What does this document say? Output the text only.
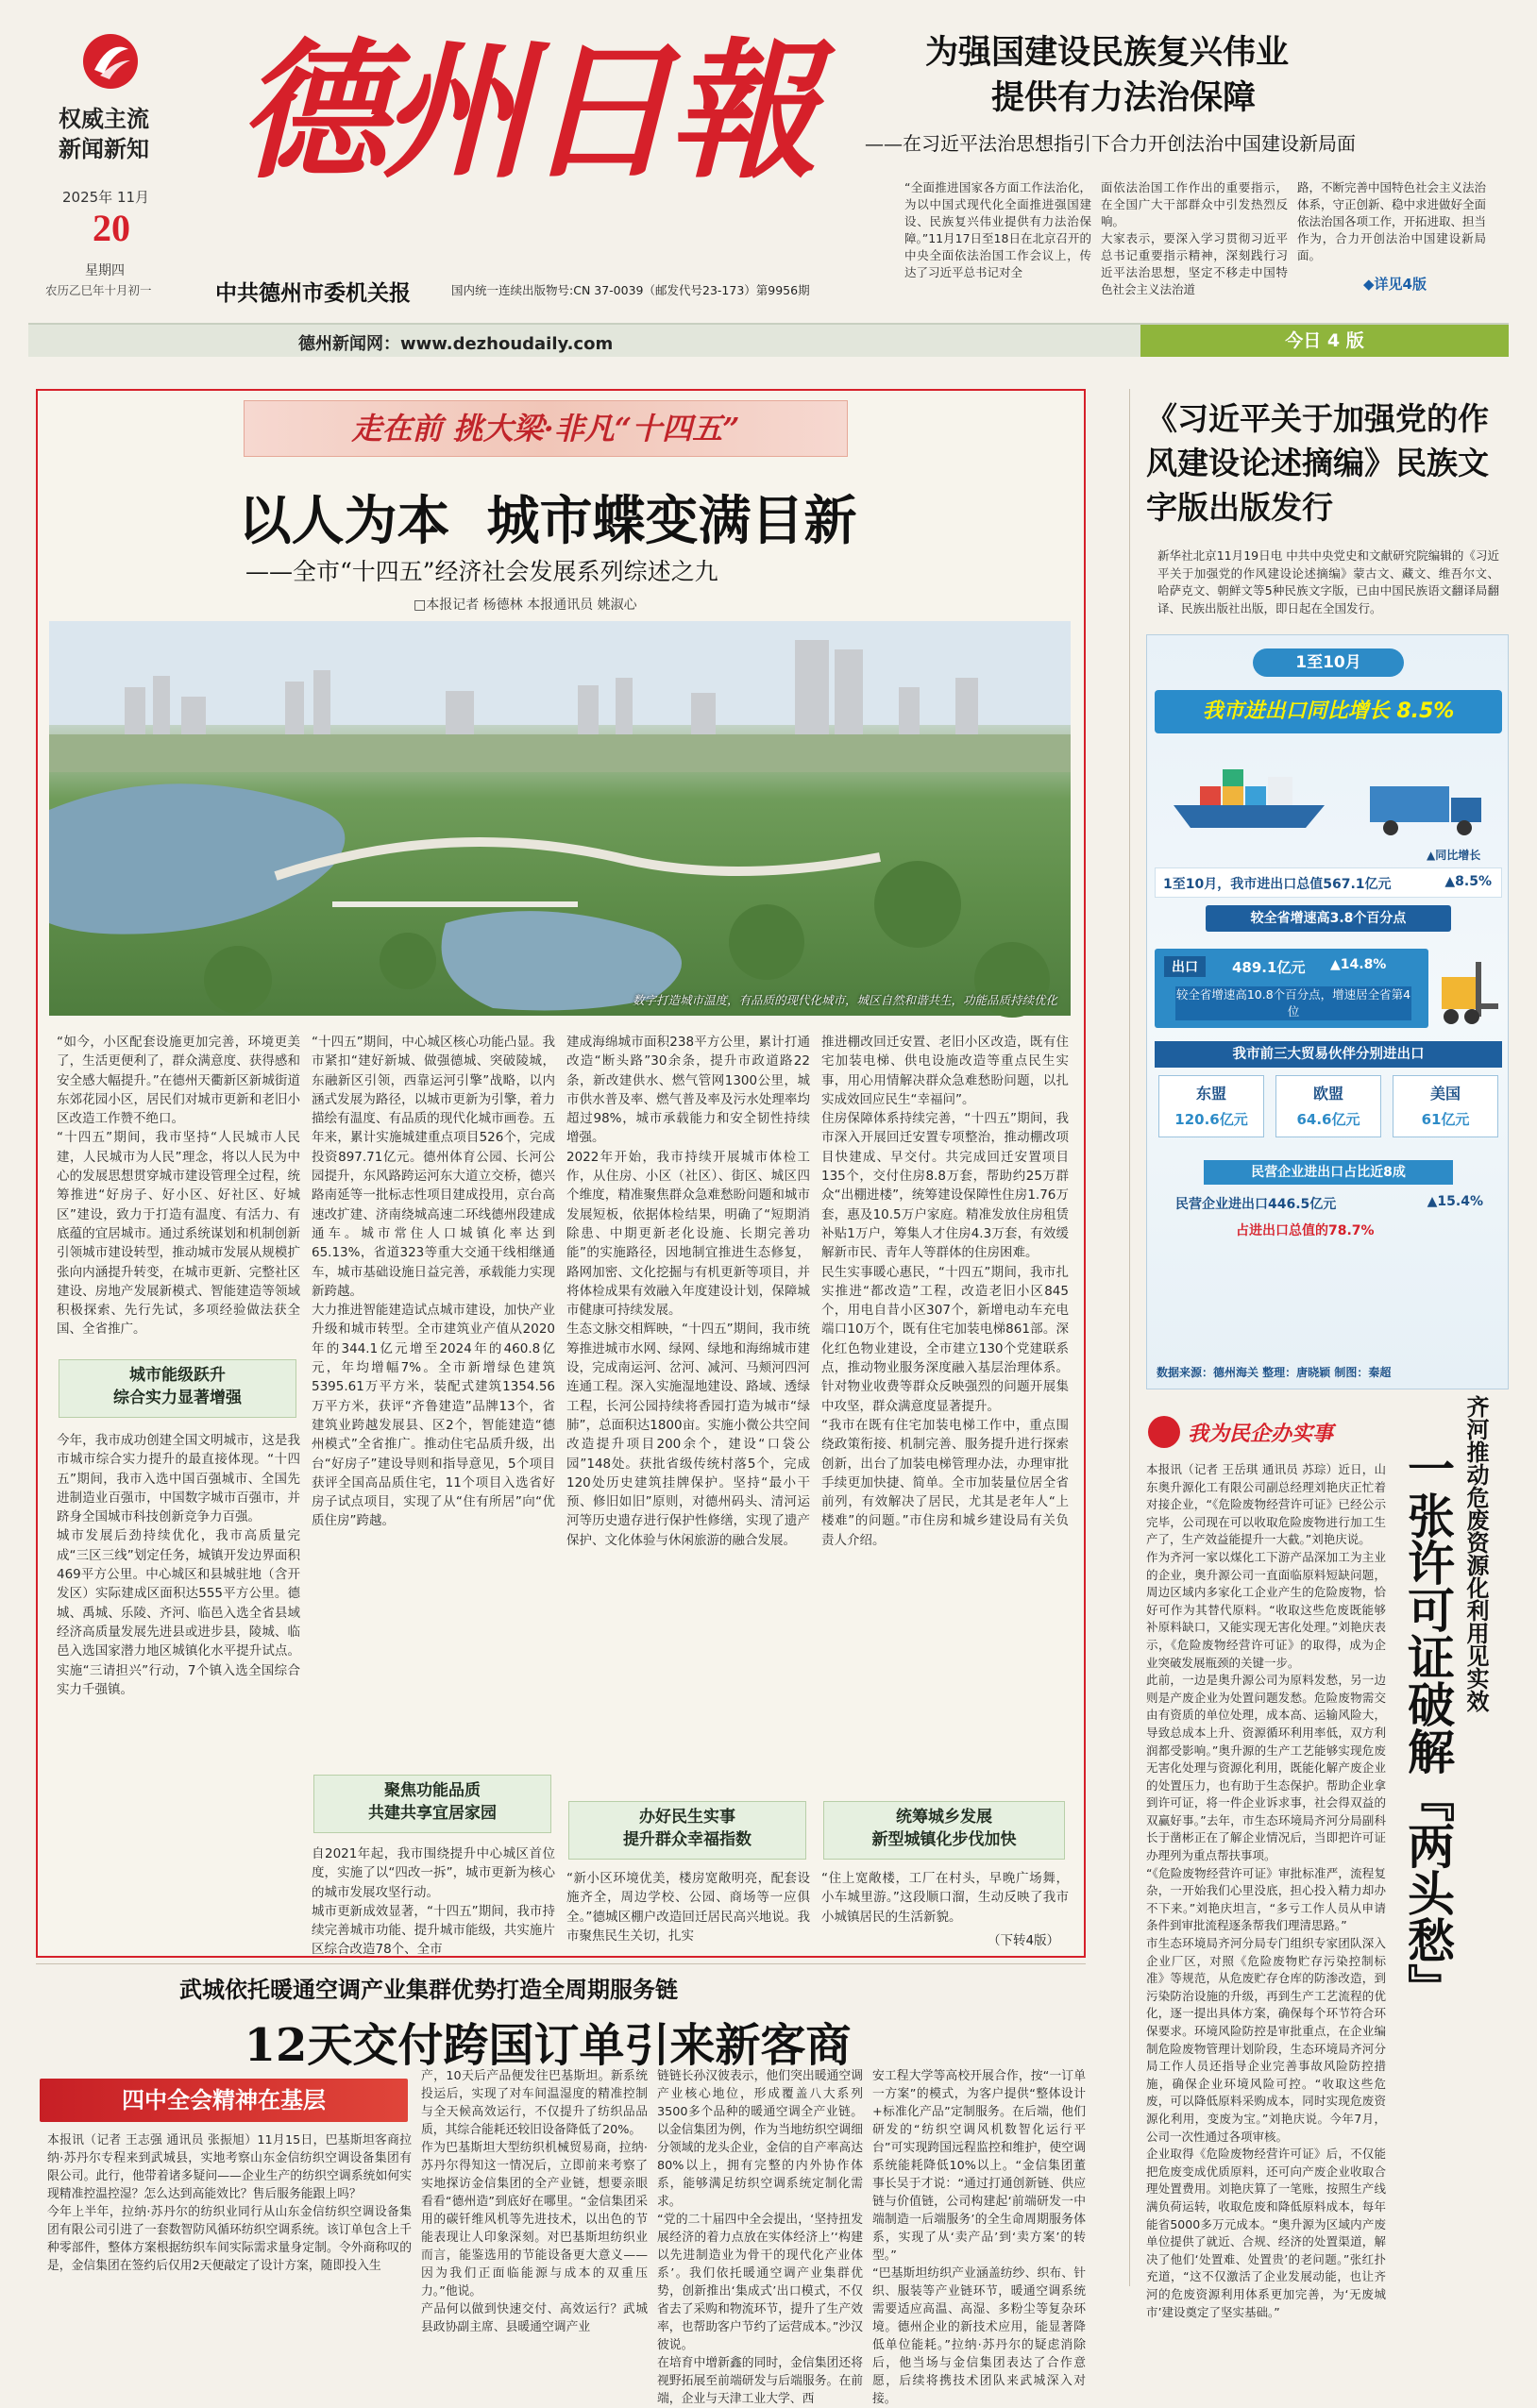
权威主流
新闻新知
2025年 11月
20
星期四
农历乙巳年十月初一
德州日報
中共德州市委机关报	国内统一连续出版物号:CN 37-0039（邮发代号23-173）第9956期
为强国建设民族复兴伟业
提供有力法治保障
——在习近平法治思想指引下合力开创法治中国建设新局面
“全面推进国家各方面工作法治化，为以中国式现代化全面推进强国建设、民族复兴伟业提供有力法治保障。”11月17日至18日在北京召开的中央全面依法治国工作会议上，传达了习近平总书记对全
面依法治国工作作出的重要指示，在全国广大干部群众中引发热烈反响。
大家表示，要深入学习贯彻习近平总书记重要指示精神，深刻践行习近平法治思想，坚定不移走中国特色社会主义法治道
路，不断完善中国特色社会主义法治体系，守正创新、稳中求进做好全面依法治国各项工作，开拓进取、担当作为，合力开创法治中国建设新局面。
◆详见4版
德州新闻网：www.dezhoudaily.com	今日 4 版
走在前 挑大梁·非凡“十四五”
以人为本  城市蝶变满目新
——全市“十四五”经济社会发展系列综述之九
□本报记者 杨德林 本报通讯员 姚淑心
数字打造城市温度，有品质的现代化城市，城区自然和谐共生，功能品质持续优化
“如今，小区配套设施更加完善，环境更美了，生活更便利了，群众满意度、获得感和安全感大幅提升。”在德州天衢新区新城街道东郊花园小区，居民们对城市更新和老旧小区改造工作赞不绝口。
“十四五”期间，我市坚持“人民城市人民建，人民城市为人民”理念，将以人民为中心的发展思想贯穿城市建设管理全过程，统筹推进“好房子、好小区、好社区、好城区”建设，致力于打造有温度、有活力、有底蕴的宜居城市。通过系统谋划和机制创新引领城市建设转型，推动城市发展从规模扩张向内涵提升转变，在城市更新、完整社区建设、房地产发展新模式、智能建造等领域积极探索、先行先试，多项经验做法获全国、全省推广。
城市能级跃升
综合实力显著增强
今年，我市成功创建全国文明城市，这是我市城市综合实力提升的最直接体现。“十四五”期间，我市入选中国百强城市、全国先进制造业百强市，中国数字城市百强市，并跻身全国城市科技创新竞争力百强。
城市发展后劲持续优化，我市高质量完成“三区三线”划定任务，城镇开发边界面积469平方公里。中心城区和县城驻地（含开发区）实际建成区面积达555平方公里。德城、禹城、乐陵、齐河、临邑入选全省县域经济高质量发展先进县或进步县，陵城、临邑入选国家潜力地区城镇化水平提升试点。实施“三请担兴”行动，7个镇入选全国综合实力千强镇。
“十四五”期间，中心城区核心功能凸显。我市紧扣“建好新城、做强德城、突破陵城，东融新区引领，西靠运河引擎”战略，以内涵式发展为路径，以城市更新为引擎，着力描绘有温度、有品质的现代化城市画卷。五年来，累计实施城建重点项目526个，完成投资897.71亿元。德州体育公园、长河公园提升，东风路跨运河东大道立交桥，德兴路南延等一批标志性项目建成投用，京台高速改扩建、济南绕城高速二环线德州段建成通车。城市常住人口城镇化率达到65.13%，省道323等重大交通干线相继通车，城市基础设施日益完善，承载能力实现新跨越。
大力推进智能建造试点城市建设，加快产业升级和城市转型。全市建筑业产值从2020年的344.1亿元增至2024年的460.8亿元，年均增幅7%。全市新增绿色建筑5395.61万平方米，装配式建筑1354.56万平方米，获评“齐鲁建造”品牌13个，省建筑业跨越发展县、区2个，智能建造“德州模式”全省推广。推动住宅品质升级，出台“好房子”建设导则和指导意见，5个项目获评全国高品质住宅，11个项目入选省好房子试点项目，实现了从“住有所居”向“优质住房”跨越。
聚焦功能品质
共建共享宜居家园
自2021年起，我市围绕提升中心城区首位度，实施了以“四改一拆”，城市更新为核心的城市发展攻坚行动。
城市更新成效显著，“十四五”期间，我市持续完善城市功能、提升城市能级，共实施片区综合改造78个、全市
建成海绵城市面积238平方公里，累计打通改造“断头路”30余条，提升市政道路22条，新改建供水、燃气管网1300公里，城市供水普及率、燃气普及率及污水处理率均超过98%，城市承载能力和安全韧性持续增强。
2022年开始，我市持续开展城市体检工作，从住房、小区（社区）、街区、城区四个维度，精准聚焦群众急难愁盼问题和城市发展短板，依据体检结果，明确了“短期消除患、中期更新老化设施、长期完善功能”的实施路径，因地制宜推进生态修复，路网加密、文化挖掘与有机更新等项目，并将体检成果有效融入年度建设计划，保障城市健康可持续发展。
生态文脉交相辉映，“十四五”期间，我市统筹推进城市水网、绿网、绿地和海绵城市建设，完成南运河、岔河、减河、马颊河四河连通工程。深入实施湿地建设、路域、透绿工程，长河公园持续将香园打造为城市“绿肺”，总面积达1800亩。实施小微公共空间改造提升项目200余个，建设“口袋公园”148处。获批省级传统村落5个，完成120处历史建筑挂牌保护。坚持“最小干预、修旧如旧”原则，对德州码头、清河运河等历史遗存进行保护性修缮，实现了遗产保护、文化体验与休闲旅游的融合发展。
办好民生实事
提升群众幸福指数
“新小区环境优美，楼房宽敞明亮，配套设施齐全，周边学校、公园、商场等一应俱全。”德城区棚户改造回迁居民高兴地说。我市聚焦民生关切，扎实
推进棚改回迁安置、老旧小区改造，既有住宅加装电梯、供电设施改造等重点民生实事，用心用情解决群众急难愁盼问题，以扎实成效回应民生“幸福问”。
住房保障体系持续完善，“十四五”期间，我市深入开展回迁安置专项整治，推动棚改项目快建成、早交付。共完成回迁安置项目135个，交付住房8.8万套，帮助约25万群众“出棚进楼”，统筹建设保障性住房1.76万套，惠及10.5万户家庭。精准发放住房租赁补贴1万户，筹集人才住房4.3万套，有效缓解新市民、青年人等群体的住房困难。
民生实事暖心惠民，“十四五”期间，我市扎实推进“都改造”工程，改造老旧小区845个，用电自昔小区307个，新增电动车充电端口10万个，既有住宅加装电梯861部。深化红色物业建设，全市建立130个党建联系点，推动物业服务深度融入基层治理体系。针对物业收费等群众反映强烈的问题开展集中攻坚，群众满意度显著提升。
“我市在既有住宅加装电梯工作中，重点围绕政策衔接、机制完善、服务提升进行探索创新，出台了加装电梯管理办法，办理审批手续更加快捷、简单。全市加装量位居全省前列，有效解决了居民，尤其是老年人“上楼难”的问题。”市住房和城乡建设局有关负责人介绍。
统筹城乡发展
新型城镇化步伐加快
“住上宽敞楼，工厂在村头，早晚广场舞，小车城里游。”这段顺口溜，生动反映了我市小城镇居民的生活新貌。
（下转4版）
《习近平关于加强党的作风建设论述摘编》民族文字版出版发行
新华社北京11月19日电 中共中央党史和文献研究院编辑的《习近平关于加强党的作风建设论述摘编》蒙古文、藏文、维吾尔文、哈萨克文、朝鲜文等5种民族文字版，已由中国民族语文翻译局翻译、民族出版社出版，即日起在全国发行。
1至10月
我市进出口同比增长 8.5%
▲同比增长
1至10月，我市进出口总值567.1亿元	▲8.5%
较全省增速高3.8个百分点
出口	489.1亿元 ▲14.8%
较全省增速高10.8个百分点，增速居全省第4位
我市前三大贸易伙伴分别进出口
东盟
120.6亿元
欧盟
64.6亿元
美国
61亿元
民营企业进出口占比近8成
民营企业进出口446.5亿元	▲15.4%
占进出口总值的78.7%
数据来源：德州海关 整理：唐晓颖 制图：秦超
我为民企办实事	齐河推动危废资源化利用见实效
一张许可证破解『两头愁』
本报讯（记者 王岳琪 通讯员 苏琮）近日，山东奥升源化工有限公司副总经理刘艳庆正忙着对接企业，“《危险废物经营许可证》已经公示完毕，公司现在可以收取危险废物进行加工生产了，生产效益能提升一大截。”刘艳庆说。
作为齐河一家以煤化工下游产品深加工为主业的企业，奥升源公司一直面临原料短缺问题，周边区域内多家化工企业产生的危险废物，恰好可作为其替代原料。“收取这些危废既能够补原料缺口，又能实现无害化处理。”刘艳庆表示，《危险废物经营许可证》的取得，成为企业突破发展瓶颈的关键一步。
此前，一边是奥升源公司为原料发愁，另一边则是产废企业为处置问题发愁。危险废物需交由有资质的单位处理，成本高、运输风险大，导致总成本上升、资源循环利用率低，双方利润都受影响。”奥升源的生产工艺能够实现危废无害化处理与资源化利用，既能化解产废企业的处置压力，也有助于生态保护。帮助企业拿到许可证，将一件企业诉求事，社会得双益的双赢好事。”去年，市生态环境局齐河分局副科长于凿彬正在了解企业情况后，当即把许可证办理列为重点帮扶事项。
“《危险废物经营许可证》审批标准严，流程复杂，一开始我们心里没底，担心投入精力却办不下来。”刘艳庆坦言，“多亏工作人员从申请条件到审批流程逐条帮我们理清思路。”
市生态环境局齐河分局专门组织专家团队深入企业厂区，对照《危险废物贮存污染控制标准》等规范，从危废贮存仓库的防渗改造，到污染防治设施的升级，再到生产工艺流程的优化，逐一提出具体方案，确保每个环节符合环保要求。环境风险防控是审批重点，在企业编制危险废物管理计划阶段，生态环境局齐河分局工作人员还指导企业完善事故风险防控措施，确保企业环境风险可控。“收取这些危废，可以降低原料采购成本，同时实现危废资源化利用，变废为宝。”刘艳庆说。今年7月，公司一次性通过各项审核。
企业取得《危险废物经营许可证》后，不仅能把危废变成优质原料，还可向产废企业收取合理处置费用。刘艳庆算了一笔账，按照生产线满负荷运转，收取危废和降低原料成本，每年能省5000多万元成本。“奥升源为区域内产废单位提供了就近、合规、经济的处置渠道，解决了他们‘处置难、处置贵’的老问题。”张红扑充道，“这不仅激活了企业发展动能，也让齐河的危废资源利用体系更加完善，为‘无废城市’建设奠定了坚实基础。”
武城依托暖通空调产业集群优势打造全周期服务链
12天交付跨国订单引来新客商
四中全会精神在基层
本报讯（记者 王志强 通讯员 张振旭）11月15日，巴基斯坦客商拉纳·苏丹尔专程来到武城县，实地考察山东金信纺织空调设备集团有限公司。此行，他带着诸多疑问——企业生产的纺织空调系统如何实现精准控温控湿？怎么达到高能效比？售后服务能跟上吗？
今年上半年，拉纳·苏丹尔的纺织业同行从山东金信纺织空调设备集团有限公司引进了一套数智防风循环纺织空调系统。该订单包含上千种零部件，整体方案根据纺织车间实际需求量身定制。令外商称叹的是，金信集团在签约后仅用2天便敲定了设计方案，随即投入生
产，10天后产品便发往巴基斯坦。新系统投运后，实现了对车间温湿度的精准控制与全天候高效运行，不仅提升了纺织品品质，其综合能耗还较旧设备降低了20%。
作为巴基斯坦大型纺织机械贸易商，拉纳·苏丹尔得知这一情况后，立即前来考察了实地探访金信集团的全产业链，想要亲眼看看“德州造”到底好在哪里。“金信集团采用的碳钎维风机等先进技术，以出色的节能表现让人印象深刻。对巴基斯坦纺织业而言，能鉴选用的节能设备更大意义——因为我们正面临能源与成本的双重压力。”他说。
产品何以做到快速交付、高效运行？武城县政协副主席、县暖通空调产业
链链长孙汉彼表示，他们突出暖通空调产业核心地位，形成覆盖八大系列3500多个品种的暖通空调全产业链。以金信集团为例，作为当地纺织空调细分领域的龙头企业，金信的自产率高达80%以上，拥有完整的内外协作体系，能够满足纺织空调系统定制化需求。
“党的二十届四中全会提出，‘坚持扭发展经济的着力点放在实体经济上’‘构建以先进制造业为骨干的现代化产业体系’。我们依托暖通空调产业集群优势，创新推出‘集成式’出口模式，不仅省去了采购和物流环节，提升了生产效率，也帮助客户节约了运营成本。”沙汉彼说。
在培育中增新鑫的同时，金信集团还将视野拓展至前端研发与后端服务。在前端，企业与天津工业大学、西
安工程大学等高校开展合作，按“一订单一方案”的模式，为客户提供“整体设计+标准化产品”定制服务。在后端，他们研发的“纺织空调风机数智化运行平台”可实现跨国远程监控和维护，使空调系统能耗降低10%以上。“金信集团董事长吴于才说：“通过打通创新链、供应链与价值链，公司构建起‘前端研发一中端制造一后端服务’的全生命周期服务体系，实现了从‘卖产品’到‘卖方案’的转型。”
“巴基斯坦纺织产业涵盖纺纱、织布、针织、服装等产业链环节，暖通空调系统需要适应高温、高湿、多粉尘等复杂环境。德州企业的新技术应用，能显著降低单位能耗。”拉纳·苏丹尔的疑虑消除后，他当场与金信集团表达了合作意愿，后续将携技术团队来武城深入对接。
